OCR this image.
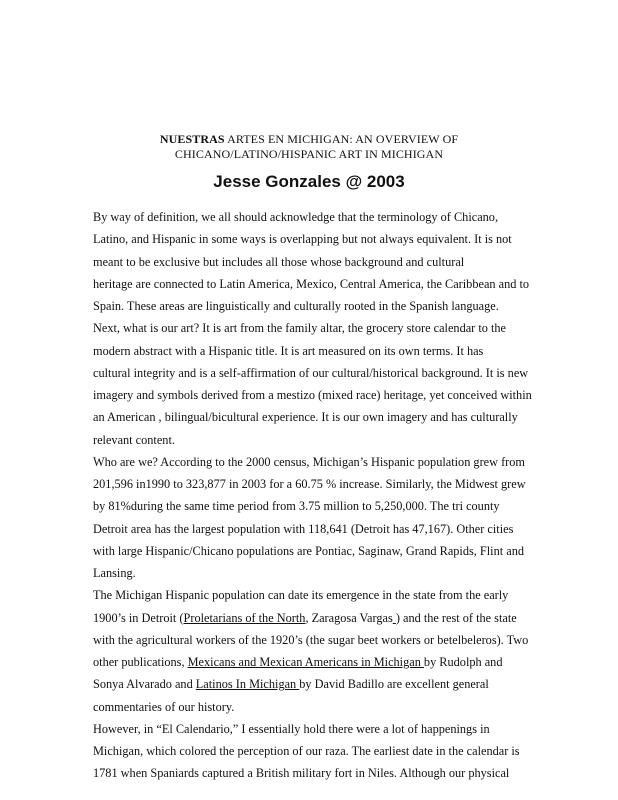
NUESTRAS ARTES EN MICHIGAN: AN OVERVIEW OF
CHICANO/LATINO/HISPANIC ART IN MICHIGAN
Jesse Gonzales @ 2003
By way of definition, we all should acknowledge that the terminology of Chicano,
Latino, and Hispanic in some ways is overlapping but not always equivalent. It is not
meant to be exclusive but includes all those whose background and cultural
heritage are connected to Latin America, Mexico, Central America, the Caribbean and to
Spain. These areas are linguistically and culturally rooted in the Spanish language.
Next, what is our art? It is art from the family altar, the grocery store calendar to the
modern abstract with a Hispanic title. It is art measured on its own terms. It has
cultural integrity and is a self-affirmation of our cultural/historical background. It is new
imagery and symbols derived from a mestizo (mixed race) heritage, yet conceived within
an American , bilingual/bicultural experience. It is our own imagery and has culturally
relevant content.
Who are we? According to the 2000 census, Michigan’s Hispanic population grew from
201,596 in1990 to 323,877 in 2003 for a 60.75 % increase. Similarly, the Midwest grew
by 81%during the same time period from 3.75 million to 5,250,000. The tri county
Detroit area has the largest population with 118,641 (Detroit has 47,167). Other cities
with large Hispanic/Chicano populations are Pontiac, Saginaw, Grand Rapids, Flint and
Lansing.
The Michigan Hispanic population can date its emergence in the state from the early
1900’s in Detroit (Proletarians of the North, Zaragosa Vargas ) and the rest of the state
with the agricultural workers of the 1920’s (the sugar beet workers or betelbeleros). Two
other publications, Mexicans and Mexican Americans in Michigan by Rudolph and
Sonya Alvarado and Latinos In Michigan by David Badillo are excellent general
commentaries of our history.
However, in “El Calendario,” I essentially hold there were a lot of happenings in
Michigan, which colored the perception of our raza. The earliest date in the calendar is
1781 when Spaniards captured a British military fort in Niles. Although our physical
